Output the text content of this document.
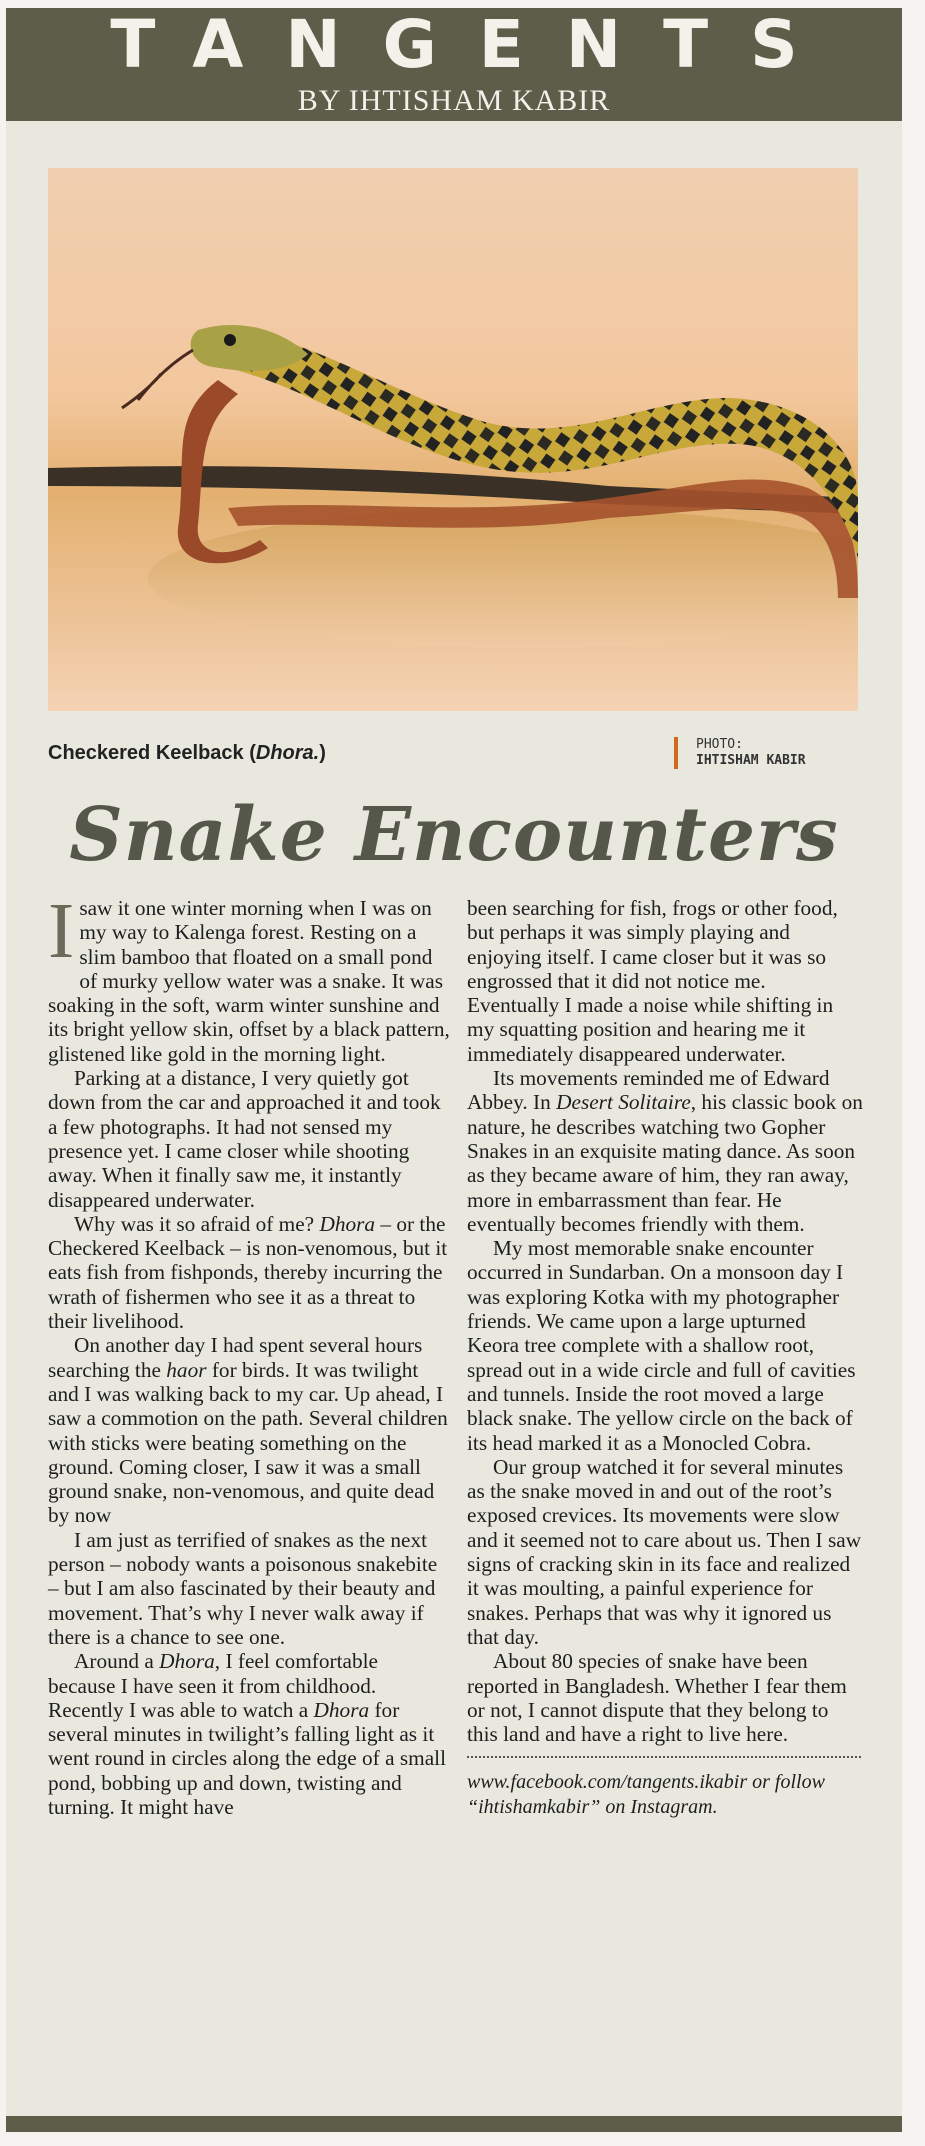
TANGENTS
BY IHTISHAM KABIR
Checkered Keelback (Dhora.)	PHOTO:
IHTISHAM KABIR
Snake Encounters

Isaw it one winter morning when I was on my way to Kalenga forest. Resting on a slim bamboo that floated on a small pond of murky yellow water was a snake. It was soaking in the soft, warm winter sunshine and its bright yellow skin, offset by a black pattern, glistened like gold in the morning light.

Parking at a distance, I very quietly got down from the car and approached it and took a few photographs. It had not sensed my presence yet. I came closer while shooting away. When it finally saw me, it instantly disappeared underwater.

Why was it so afraid of me? Dhora – or the Checkered Keelback – is non-venomous, but it eats fish from fishponds, thereby incurring the wrath of fishermen who see it as a threat to their livelihood.

On another day I had spent several hours searching the haor for birds. It was twilight and I was walking back to my car. Up ahead, I saw a commotion on the path. Several children with sticks were beating something on the ground. Coming closer, I saw it was a small ground snake, non-venomous, and quite dead by now

I am just as terrified of snakes as the next person – nobody wants a poisonous snakebite – but I am also fascinated by their beauty and movement. That’s why I never walk away if there is a chance to see one.

Around a Dhora, I feel comfortable because I have seen it from childhood. Recently I was able to watch a Dhora for several minutes in twilight’s falling light as it went round in circles along the edge of a small pond, bobbing up and down, twisting and turning. It might have

been searching for fish, frogs or other food, but perhaps it was simply playing and enjoying itself. I came closer but it was so engrossed that it did not notice me. Eventually I made a noise while shifting in my squatting position and hearing me it immediately disappeared underwater.

Its movements reminded me of Edward Abbey. In Desert Solitaire, his classic book on nature, he describes watching two Gopher Snakes in an exquisite mating dance. As soon as they became aware of him, they ran away, more in embarrassment than fear. He eventually becomes friendly with them.

My most memorable snake encounter occurred in Sundarban. On a monsoon day I was exploring Kotka with my photographer friends. We came upon a large upturned Keora tree complete with a shallow root, spread out in a wide circle and full of cavities and tunnels. Inside the root moved a large black snake. The yellow circle on the back of its head marked it as a Monocled Cobra.

Our group watched it for several minutes as the snake moved in and out of the root’s exposed crevices. Its movements were slow and it seemed not to care about us. Then I saw signs of cracking skin in its face and realized it was moulting, a painful experience for snakes. Perhaps that was why it ignored us that day.

About 80 species of snake have been reported in Bangladesh. Whether I fear them or not, I cannot dispute that they belong to this land and have a right to live here.

www.facebook.com/tangents.ikabir or follow “ihtishamkabir” on Instagram.
